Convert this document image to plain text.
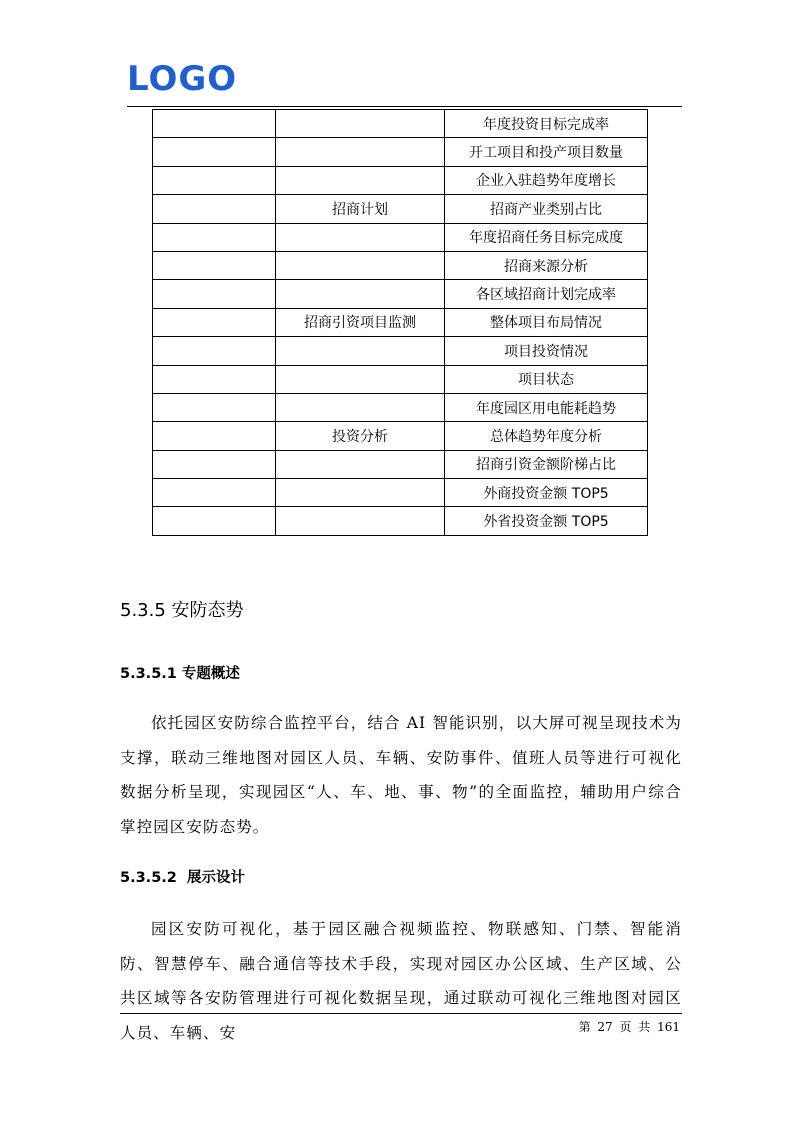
LOGO
		年度投资目标完成率
		开工项目和投产项目数量
		企业入驻趋势年度增长
	招商计划	招商产业类别占比
		年度招商任务目标完成度
		招商来源分析
		各区域招商计划完成率
	招商引资项目监测	整体项目布局情况
		项目投资情况
		项目状态
		年度园区用电能耗趋势
	投资分析	总体趋势年度分析
		招商引资金额阶梯占比
		外商投资金额 TOP5
		外省投资金额 TOP5
5.3.5 安防态势
5.3.5.1 专题概述

依托园区安防综合监控平台，结合 AI 智能识别，以大屏可视呈现技术为支撑，联动三维地图对园区人员、车辆、安防事件、值班人员等进行可视化数据分析呈现，实现园区“人、车、地、事、物”的全面监控，辅助用户综合掌控园区安防态势。

5.3.5.2  展示设计

园区安防可视化，基于园区融合视频监控、物联感知、门禁、智能消防、智慧停车、融合通信等技术手段，实现对园区办公区域、生产区域、公共区域等各安防管理进行可视化数据呈现，通过联动可视化三维地图对园区人员、车辆、安	第 27 页 共 161
